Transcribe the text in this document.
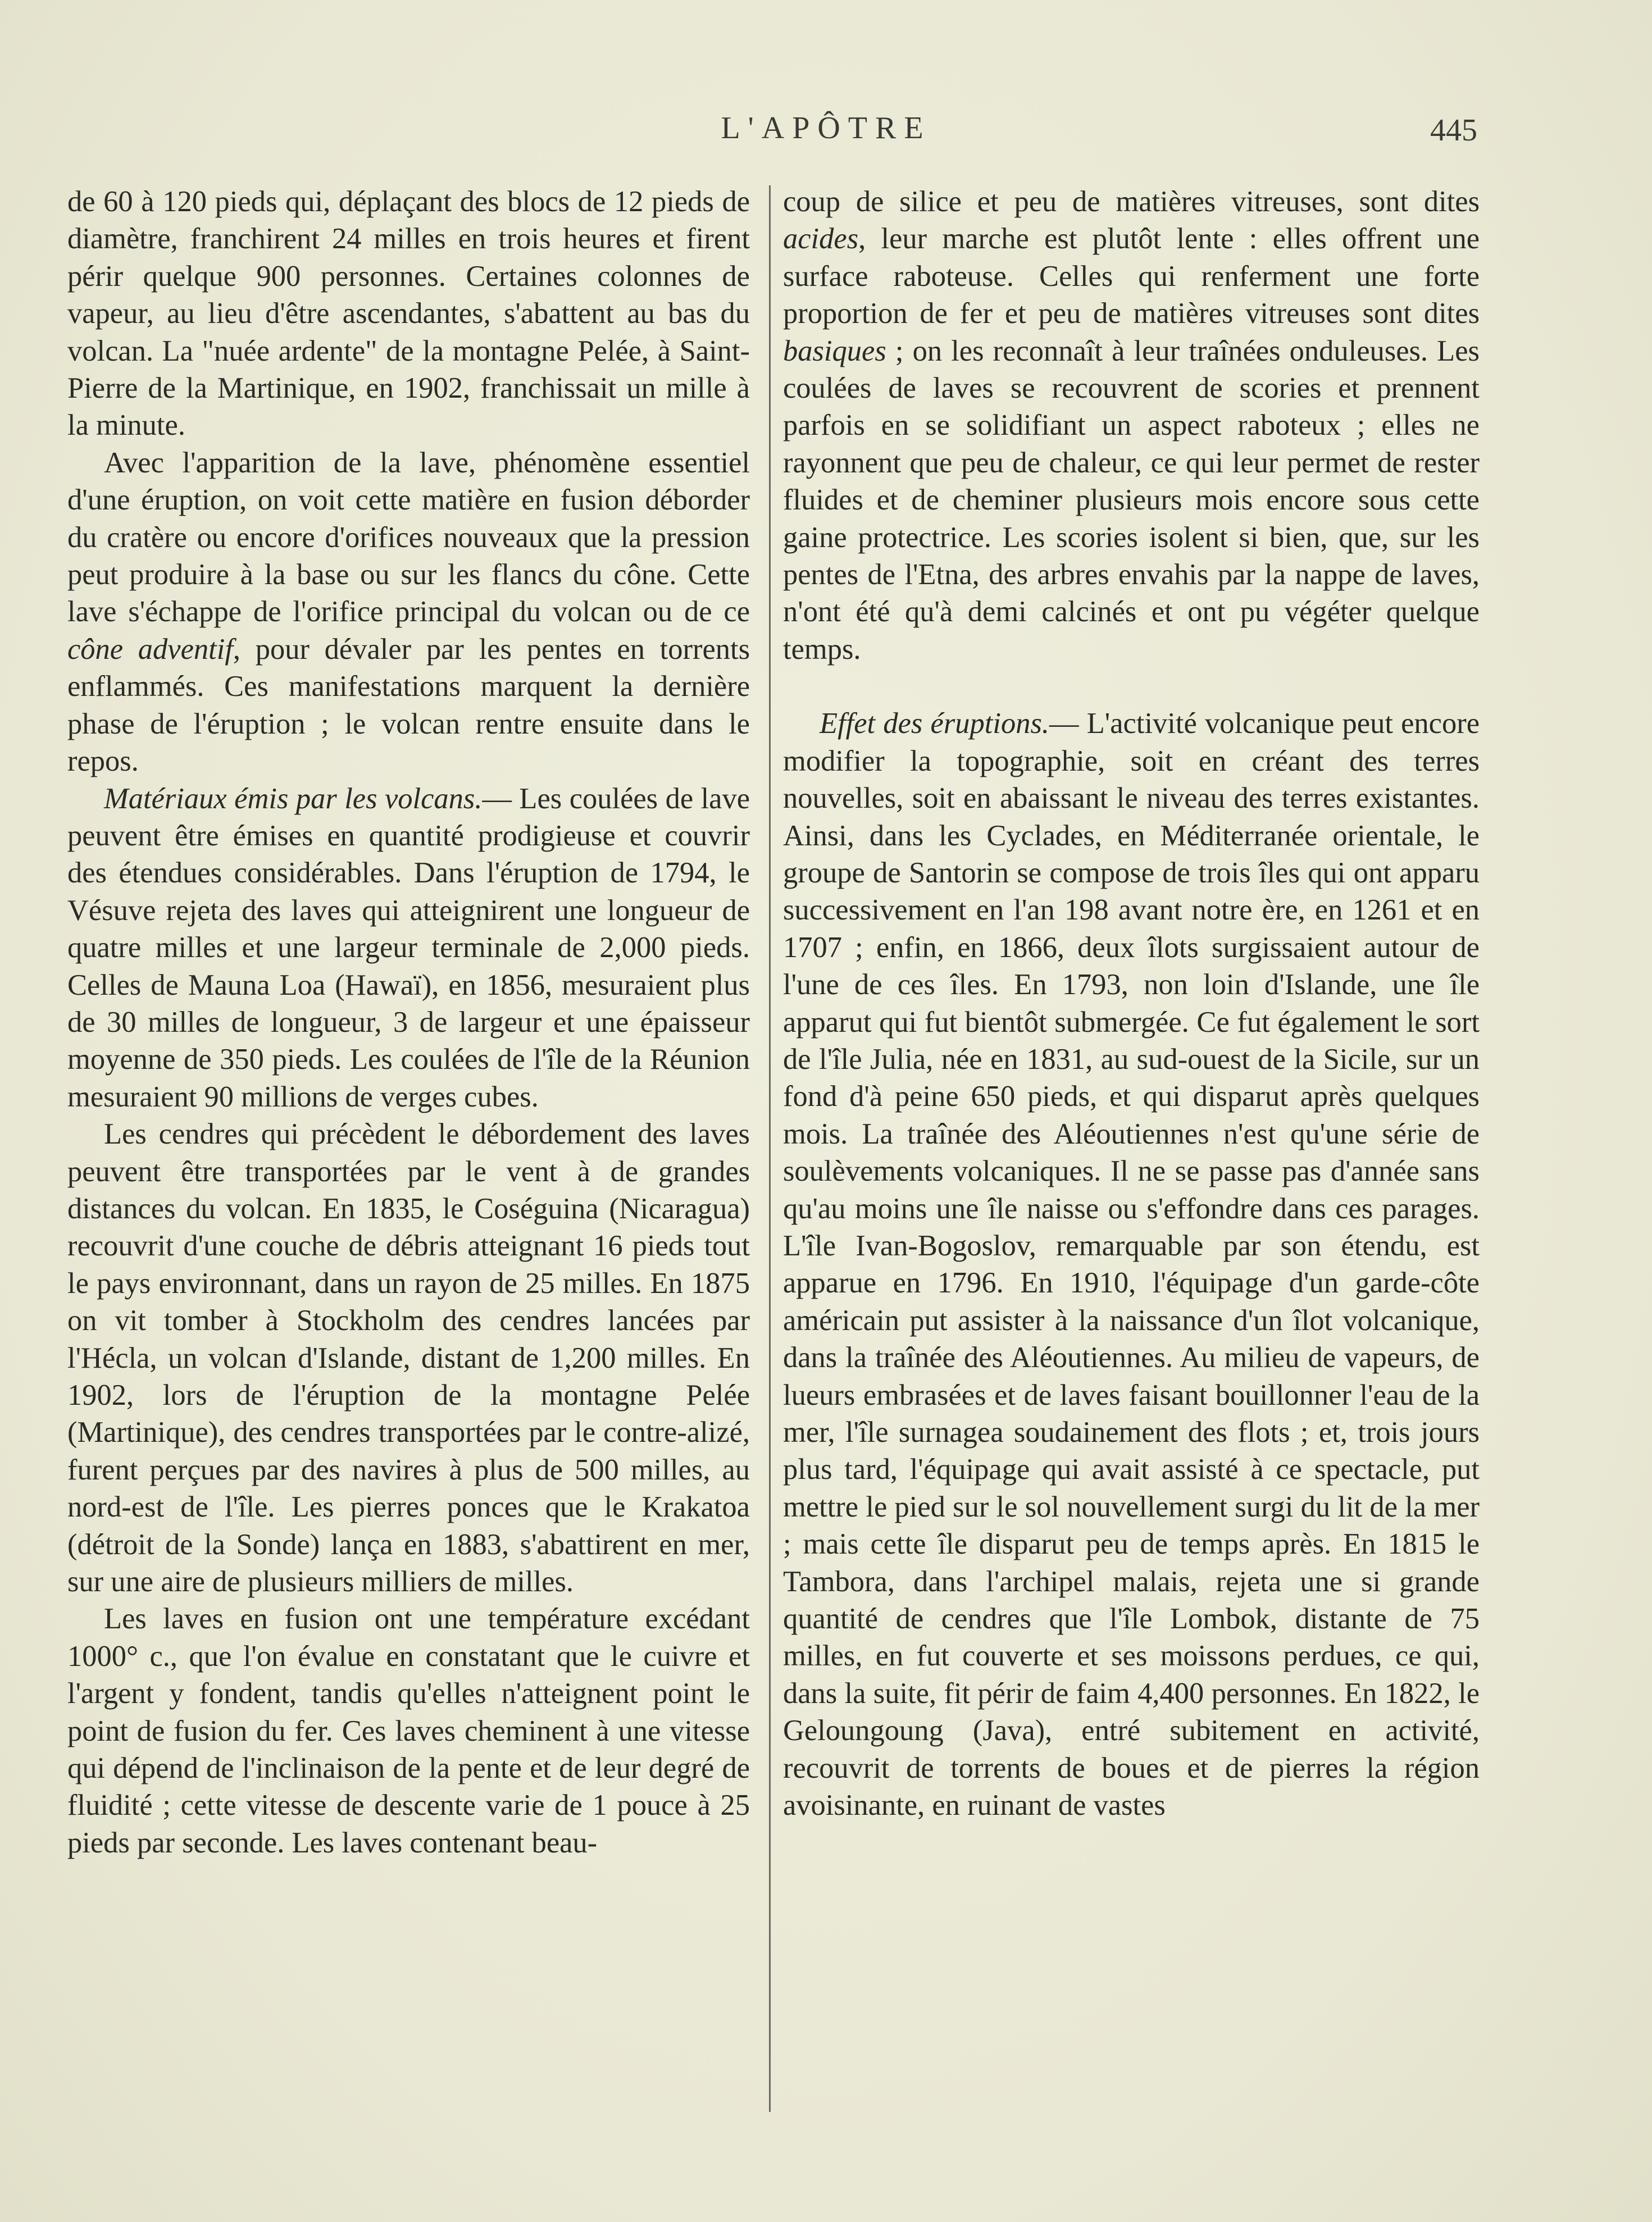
L'APÔTRE	445

de 60 à 120 pieds qui, déplaçant des blocs de 12 pieds de diamètre, franchirent 24 milles en trois heures et firent périr quelque 900 personnes. Certaines colonnes de vapeur, au lieu d'être ascendantes, s'abattent au bas du volcan. La "nuée ardente" de la montagne Pelée, à Saint-Pierre de la Martinique, en 1902, franchissait un mille à la minute.

Avec l'apparition de la lave, phénomène essentiel d'une éruption, on voit cette matière en fusion déborder du cratère ou encore d'orifices nouveaux que la pression peut produire à la base ou sur les flancs du cône. Cette lave s'échappe de l'orifice principal du volcan ou de ce cône adventif, pour dévaler par les pentes en torrents enflammés. Ces manifestations marquent la dernière phase de l'éruption ; le volcan rentre ensuite dans le repos.

Matériaux émis par les volcans.— Les coulées de lave peuvent être émises en quantité prodigieuse et couvrir des étendues considérables. Dans l'éruption de 1794, le Vésuve rejeta des laves qui atteignirent une longueur de quatre milles et une largeur terminale de 2,000 pieds. Celles de Mauna Loa (Hawaï), en 1856, mesuraient plus de 30 milles de longueur, 3 de largeur et une épaisseur moyenne de 350 pieds. Les coulées de l'île de la Réunion mesuraient 90 millions de verges cubes.

Les cendres qui précèdent le débordement des laves peuvent être transportées par le vent à de grandes distances du volcan. En 1835, le Coséguina (Nicaragua) recouvrit d'une couche de débris atteignant 16 pieds tout le pays environnant, dans un rayon de 25 milles. En 1875 on vit tomber à Stockholm des cendres lancées par l'Hécla, un volcan d'Islande, distant de 1,200 milles. En 1902, lors de l'éruption de la montagne Pelée (Martinique), des cendres transportées par le contre-alizé, furent perçues par des navires à plus de 500 milles, au nord-est de l'île. Les pierres ponces que le Krakatoa (détroit de la Sonde) lança en 1883, s'abattirent en mer, sur une aire de plusieurs milliers de milles.

Les laves en fusion ont une température excédant 1000° c., que l'on évalue en constatant que le cuivre et l'argent y fondent, tandis qu'elles n'atteignent point le point de fusion du fer. Ces laves cheminent à une vitesse qui dépend de l'inclinaison de la pente et de leur degré de fluidité ; cette vitesse de descente varie de 1 pouce à 25 pieds par seconde. Les laves contenant beau-

coup de silice et peu de matières vitreuses, sont dites acides, leur marche est plutôt lente : elles offrent une surface raboteuse. Celles qui renferment une forte proportion de fer et peu de matières vitreuses sont dites basiques ; on les reconnaît à leur traînées onduleuses. Les coulées de laves se recouvrent de scories et prennent parfois en se solidifiant un aspect raboteux ; elles ne rayonnent que peu de chaleur, ce qui leur permet de rester fluides et de cheminer plusieurs mois encore sous cette gaine protectrice. Les scories isolent si bien, que, sur les pentes de l'Etna, des arbres envahis par la nappe de laves, n'ont été qu'à demi calcinés et ont pu végéter quelque temps.

Effet des éruptions.— L'activité volcanique peut encore modifier la topographie, soit en créant des terres nouvelles, soit en abaissant le niveau des terres existantes. Ainsi, dans les Cyclades, en Méditerranée orientale, le groupe de Santorin se compose de trois îles qui ont apparu successivement en l'an 198 avant notre ère, en 1261 et en 1707 ; enfin, en 1866, deux îlots surgissaient autour de l'une de ces îles. En 1793, non loin d'Islande, une île apparut qui fut bientôt submergée. Ce fut également le sort de l'île Julia, née en 1831, au sud-ouest de la Sicile, sur un fond d'à peine 650 pieds, et qui disparut après quelques mois. La traînée des Aléoutiennes n'est qu'une série de soulèvements volcaniques. Il ne se passe pas d'année sans qu'au moins une île naisse ou s'effondre dans ces parages. L'île Ivan-Bogoslov, remarquable par son étendu, est apparue en 1796. En 1910, l'équipage d'un garde-côte américain put assister à la naissance d'un îlot volcanique, dans la traînée des Aléoutiennes. Au milieu de vapeurs, de lueurs embrasées et de laves faisant bouillonner l'eau de la mer, l'île surnagea soudainement des flots ; et, trois jours plus tard, l'équipage qui avait assisté à ce spectacle, put mettre le pied sur le sol nouvellement surgi du lit de la mer ; mais cette île disparut peu de temps après. En 1815 le Tambora, dans l'archipel malais, rejeta une si grande quantité de cendres que l'île Lombok, distante de 75 milles, en fut couverte et ses moissons perdues, ce qui, dans la suite, fit périr de faim 4,400 personnes. En 1822, le Geloungoung (Java), entré subitement en activité, recouvrit de torrents de boues et de pierres la région avoisinante, en ruinant de vastes
